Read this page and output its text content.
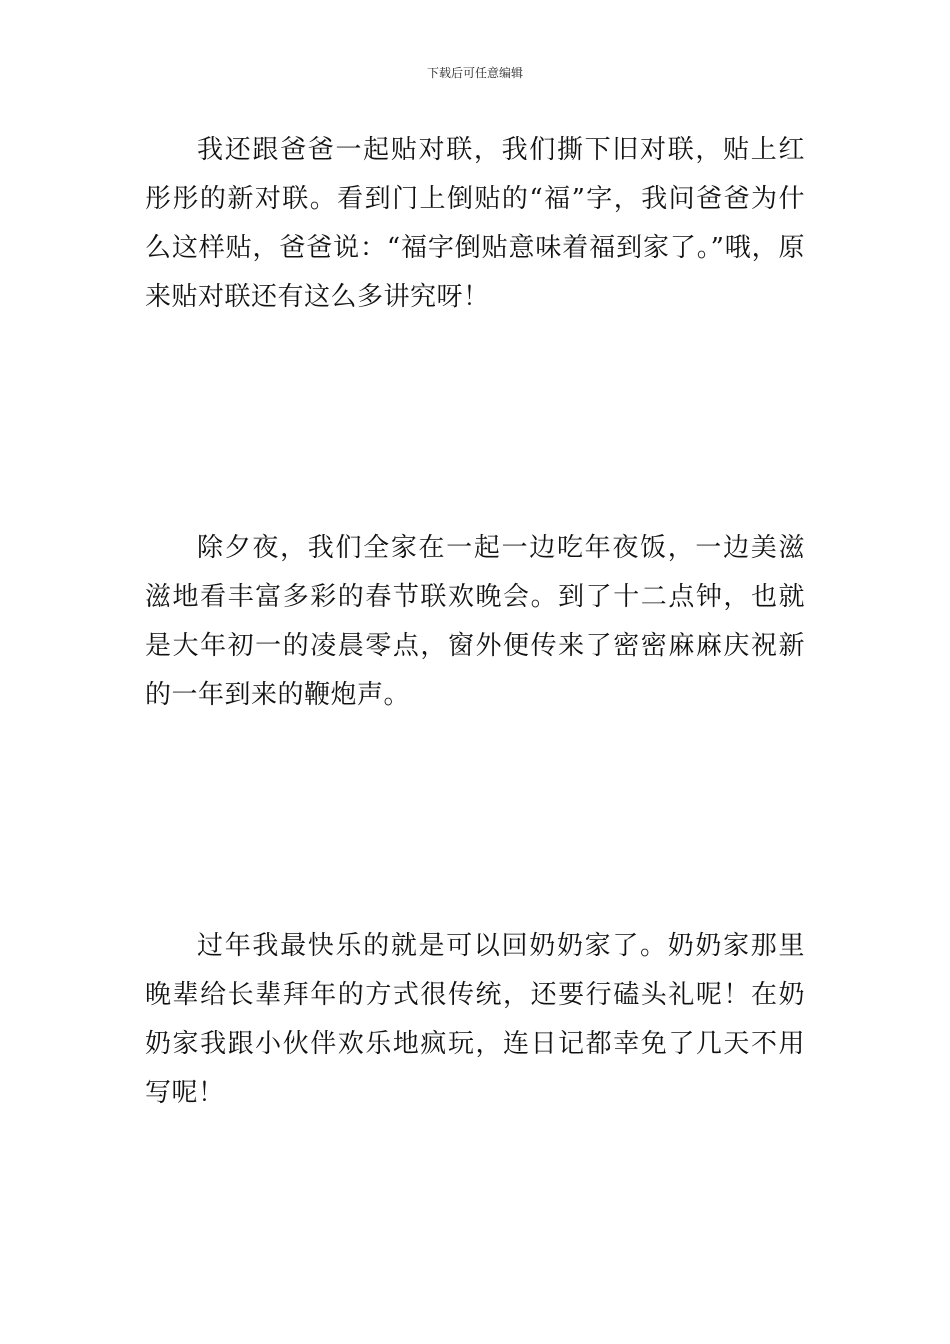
下载后可任意编辑

我还跟爸爸一起贴对联，我们撕下旧对联，贴上红彤彤的新对联。看到门上倒贴的“福”字，我问爸爸为什么这样贴，爸爸说：“福字倒贴意味着福到家了。”哦，原来贴对联还有这么多讲究呀！

除夕夜，我们全家在一起一边吃年夜饭，一边美滋滋地看丰富多彩的春节联欢晚会。到了十二点钟，也就是大年初一的凌晨零点，窗外便传来了密密麻麻庆祝新的一年到来的鞭炮声。

过年我最快乐的就是可以回奶奶家了。奶奶家那里晚辈给长辈拜年的方式很传统，还要行磕头礼呢！在奶奶家我跟小伙伴欢乐地疯玩，连日记都幸免了几天不用写呢！
